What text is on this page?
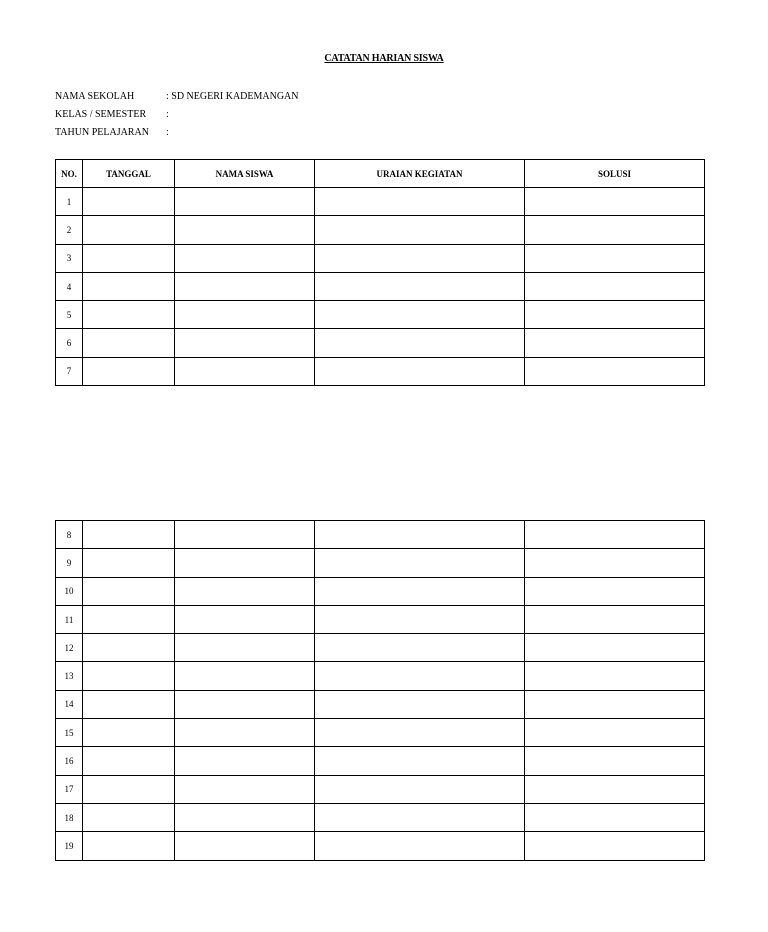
CATATAN HARIAN SISWA
NAMA SEKOLAH	: SD NEGERI KADEMANGAN
KELAS / SEMESTER	:
TAHUN PELAJARAN	:
NO.	TANGGAL	NAMA SISWA	URAIAN KEGIATAN	SOLUSI
1				
2				
3				
4				
5				
6				
7				
8				
9				
10				
11				
12				
13				
14				
15				
16				
17				
18				
19				
